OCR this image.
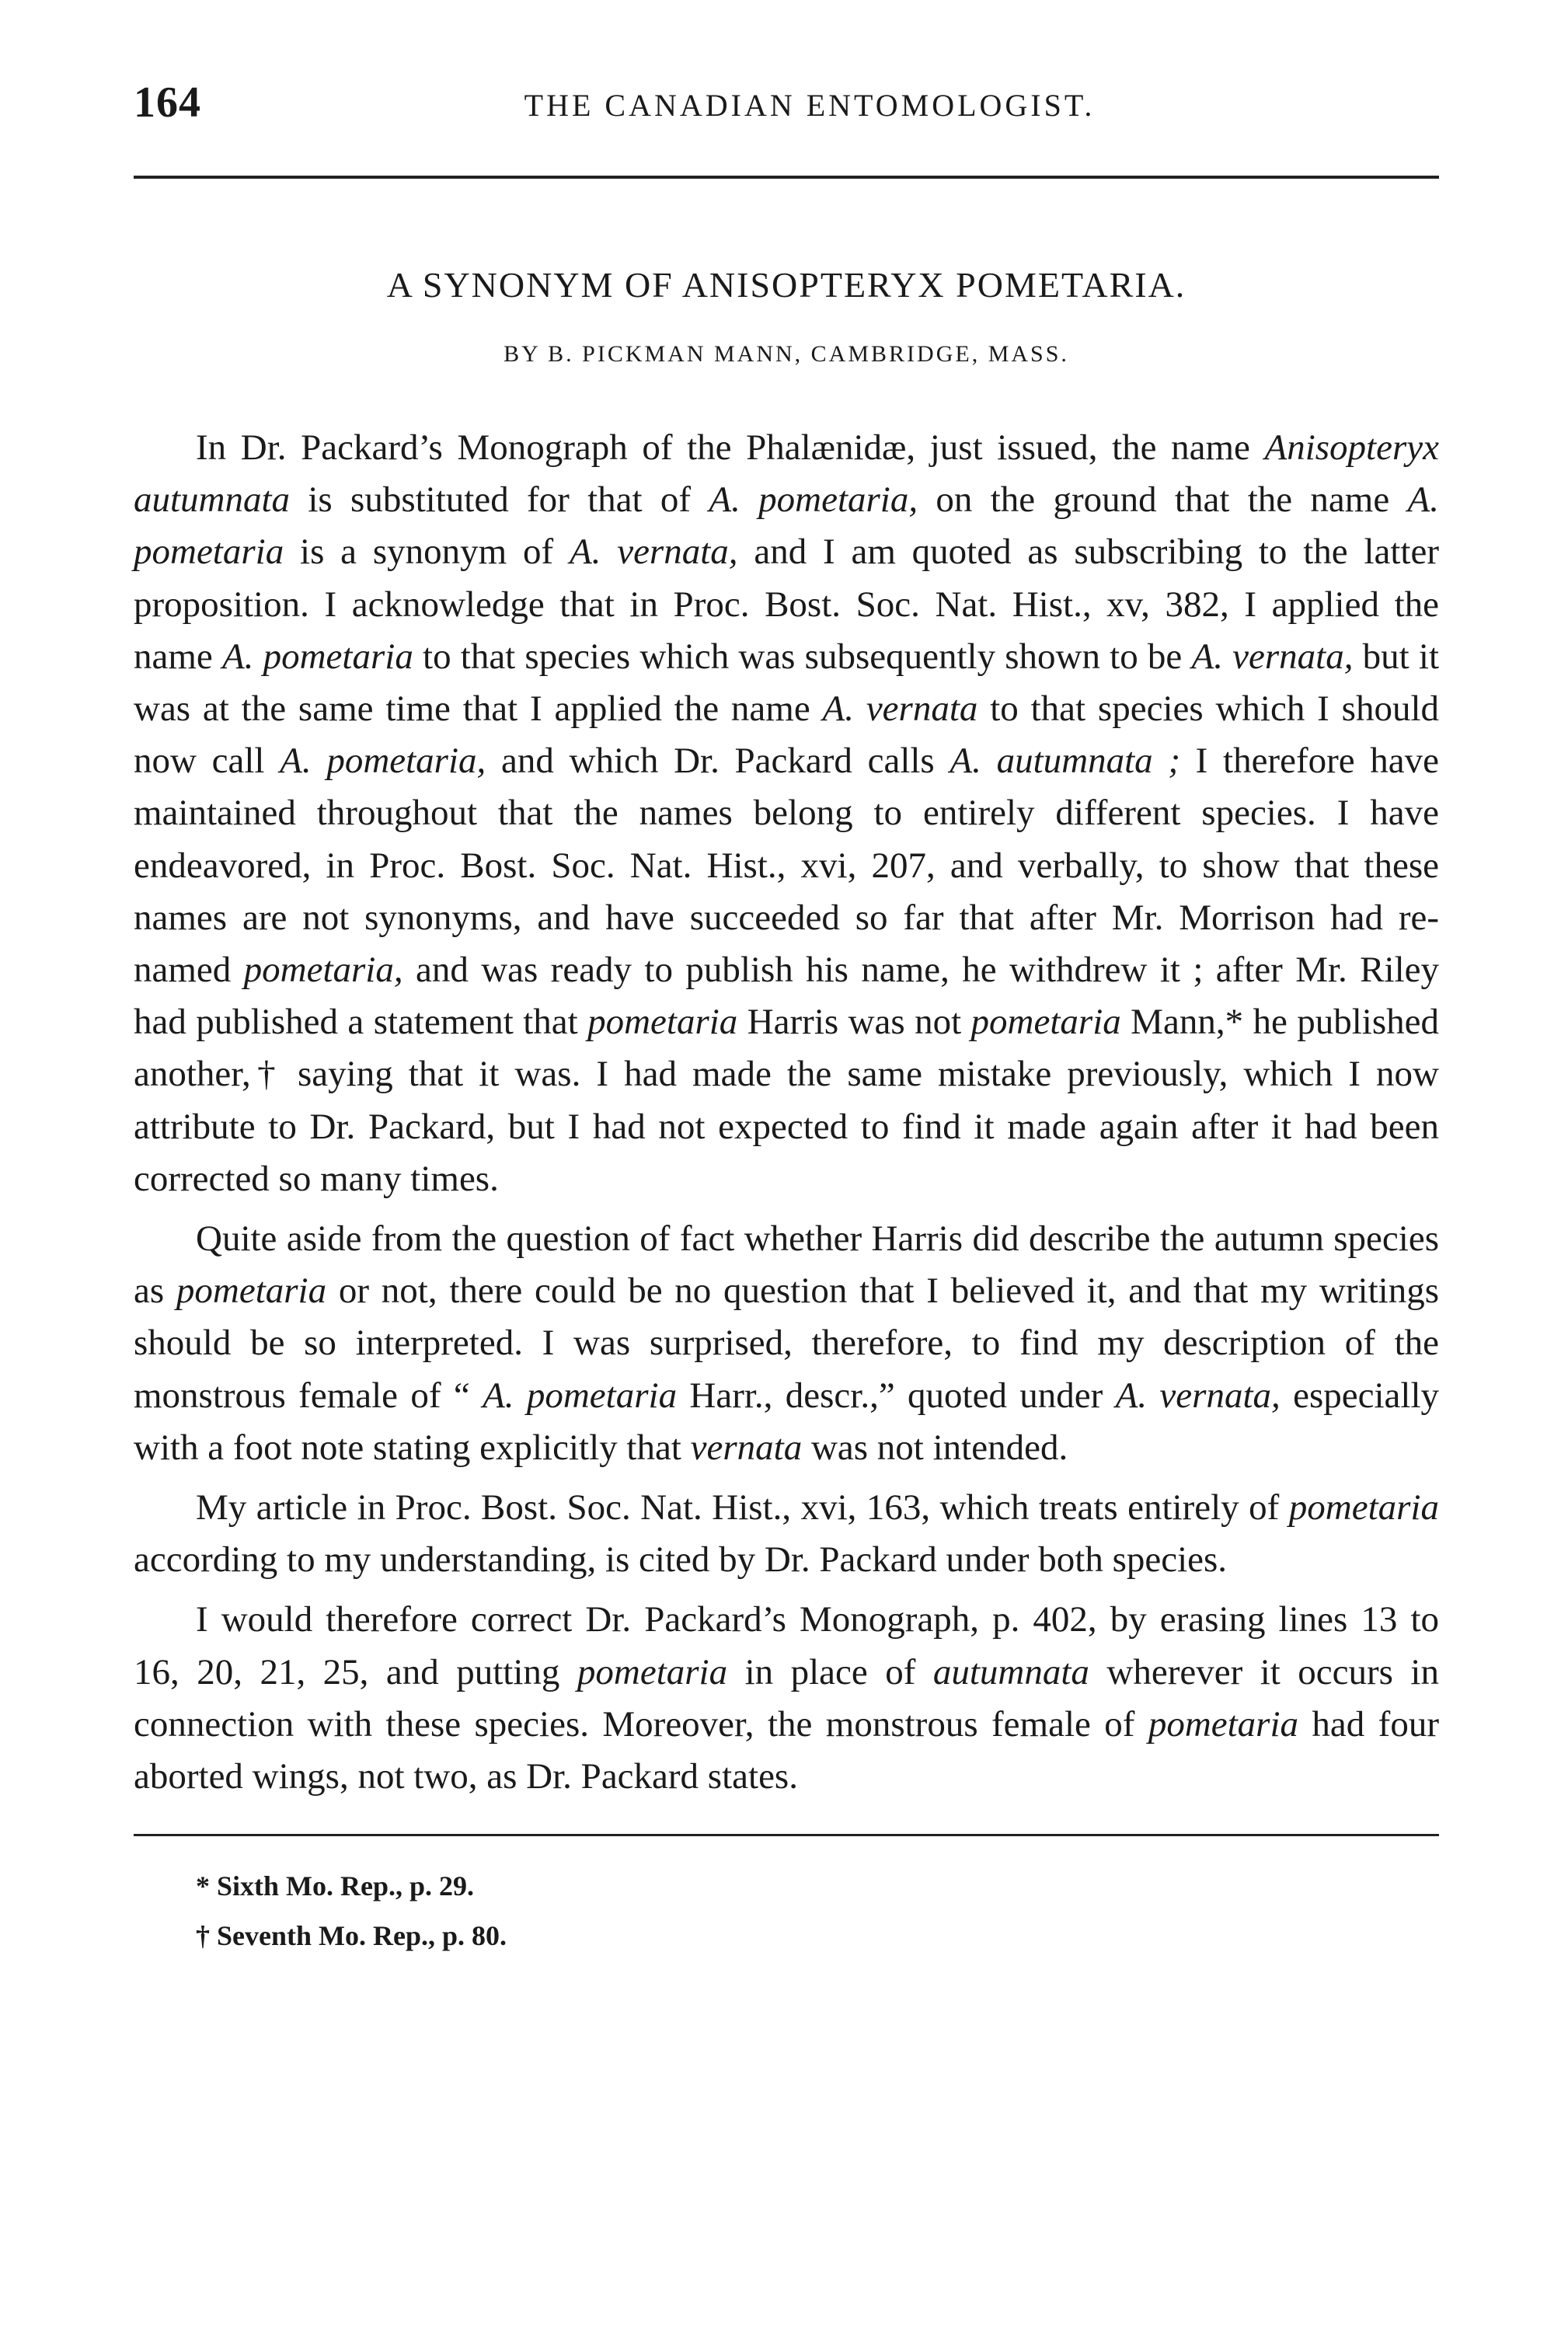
164	THE CANADIAN ENTOMOLOGIST.
A SYNONYM OF ANISOPTERYX POMETARIA.
BY B. PICKMAN MANN, CAMBRIDGE, MASS.

In Dr. Packard’s Monograph of the Phalænidæ, just issued, the name Anisopteryx autumnata is substituted for that of A. pometaria, on the ground that the name A. pometaria is a synonym of A. vernata, and I am quoted as subscribing to the latter proposition. I acknowledge that in Proc. Bost. Soc. Nat. Hist., xv, 382, I applied the name A. pometaria to that species which was subsequently shown to be A. vernata, but it was at the same time that I applied the name A. vernata to that species which I should now call A. pometaria, and which Dr. Packard calls A. autumnata ; I therefore have maintained throughout that the names belong to entirely different species. I have endeavored, in Proc. Bost. Soc. Nat. Hist., xvi, 207, and verbally, to show that these names are not synonyms, and have succeeded so far that after Mr. Morrison had re-named pometaria, and was ready to publish his name, he withdrew it ; after Mr. Riley had published a statement that pometaria Harris was not pometaria Mann,* he published another,† saying that it was. I had made the same mistake previously, which I now attribute to Dr. Packard, but I had not expected to find it made again after it had been corrected so many times.

Quite aside from the question of fact whether Harris did describe the autumn species as pometaria or not, there could be no question that I believed it, and that my writings should be so interpreted. I was surprised, therefore, to find my description of the monstrous female of “ A. pometaria Harr., descr.,” quoted under A. vernata, especially with a foot note stating explicitly that vernata was not intended.

My article in Proc. Bost. Soc. Nat. Hist., xvi, 163, which treats entirely of pometaria according to my understanding, is cited by Dr. Packard under both species.

I would therefore correct Dr. Packard’s Monograph, p. 402, by erasing lines 13 to 16, 20, 21, 25, and putting pometaria in place of autumnata wherever it occurs in connection with these species. Moreover, the monstrous female of pometaria had four aborted wings, not two, as Dr. Packard states.

* Sixth Mo. Rep., p. 29.
† Seventh Mo. Rep., p. 80.
